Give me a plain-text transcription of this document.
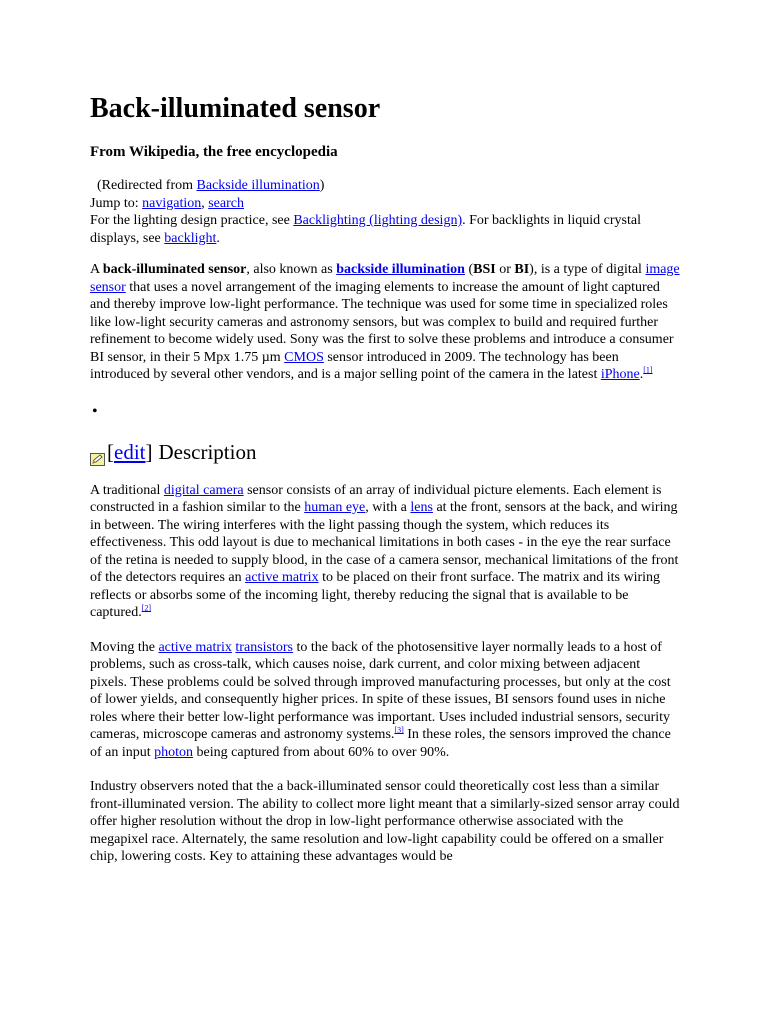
Back-illuminated sensor
From Wikipedia, the free encyclopedia
(Redirected from Backside illumination)
Jump to: navigation, search
For the lighting design practice, see Backlighting (lighting design). For backlights in liquid crystal displays, see backlight.

A back-illuminated sensor, also known as backside illumination (BSI or BI), is a type of digital image sensor that uses a novel arrangement of the imaging elements to increase the amount of light captured and thereby improve low-light performance. The technique was used for some time in specialized roles like low-light security cameras and astronomy sensors, but was complex to build and required further refinement to become widely used. Sony was the first to solve these problems and introduce a consumer BI sensor, in their 5 Mpx 1.75 µm CMOS sensor introduced in 2009. The technology has been introduced by several other vendors, and is a major selling point of the camera in the latest iPhone.[1]

•
[edit] Description

A traditional digital camera sensor consists of an array of individual picture elements. Each element is constructed in a fashion similar to the human eye, with a lens at the front, sensors at the back, and wiring in between. The wiring interferes with the light passing though the system, which reduces its effectiveness. This odd layout is due to mechanical limitations in both cases - in the eye the rear surface of the retina is needed to supply blood, in the case of a camera sensor, mechanical limitations of the front of the detectors requires an active matrix to be placed on their front surface. The matrix and its wiring reflects or absorbs some of the incoming light, thereby reducing the signal that is available to be captured.[2]

Moving the active matrix transistors to the back of the photosensitive layer normally leads to a host of problems, such as cross-talk, which causes noise, dark current, and color mixing between adjacent pixels. These problems could be solved through improved manufacturing processes, but only at the cost of lower yields, and consequently higher prices. In spite of these issues, BI sensors found uses in niche roles where their better low-light performance was important. Uses included industrial sensors, security cameras, microscope cameras and astronomy systems.[3] In these roles, the sensors improved the chance of an input photon being captured from about 60% to over 90%.

Industry observers noted that the a back-illuminated sensor could theoretically cost less than a similar front-illuminated version. The ability to collect more light meant that a similarly-sized sensor array could offer higher resolution without the drop in low-light performance otherwise associated with the megapixel race. Alternately, the same resolution and low-light capability could be offered on a smaller chip, lowering costs. Key to attaining these advantages would be
